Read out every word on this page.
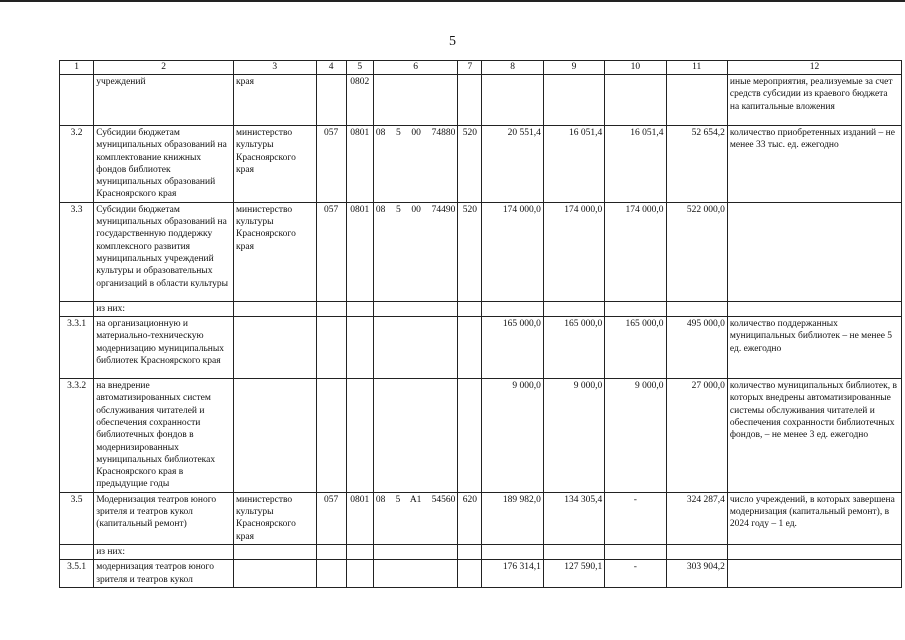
5
1	2	3	4	5	6	7	8	9	10	11	12
	учреждений	края		0802							иные мероприятия, реализуемые за счет средств субсидии из краевого бюджета на капитальные вложения
3.2	Субсидии бюджетам муниципальных образований на комплектование книжных фондов библиотек муниципальных образований Красноярского края	министерство культуры Красноярского края	057	0801	08 5 00 74880	520	20 551,4	16 051,4	16 051,4	52 654,2	количество приобретенных изданий – не менее 33 тыс. ед. ежегодно
3.3	Субсидии бюджетам муниципальных образований на государственную поддержку комплексного развития муниципальных учреждений культуры и образовательных организаций в области культуры	министерство культуры Красноярского края	057	0801	08 5 00 74490	520	174 000,0	174 000,0	174 000,0	522 000,0	
	из них:										
3.3.1	на организационную и материально-техническую модернизацию муниципальных библиотек Красноярского края						165 000,0	165 000,0	165 000,0	495 000,0	количество поддержанных муниципальных библиотек – не менее 5 ед. ежегодно
3.3.2	на внедрение автоматизированных систем обслуживания читателей и обеспечения сохранности библиотечных фондов в модернизированных муниципальных библиотеках Красноярского края в предыдущие годы						9 000,0	9 000,0	9 000,0	27 000,0	количество муниципальных библиотек, в которых внедрены автоматизированные системы обслуживания читателей и обеспечения сохранности библиотечных фондов, – не менее 3 ед. ежегодно
3.5	Модернизация театров юного зрителя и театров кукол (капитальный ремонт)	министерство культуры Красноярского края	057	0801	08 5 A1 54560	620	189 982,0	134 305,4	-	324 287,4	число учреждений, в которых завершена модернизация (капитальный ремонт), в 2024 году – 1 ед.
	из них:										
3.5.1	модернизация театров юного зрителя и театров кукол						176 314,1	127 590,1	-	303 904,2	
